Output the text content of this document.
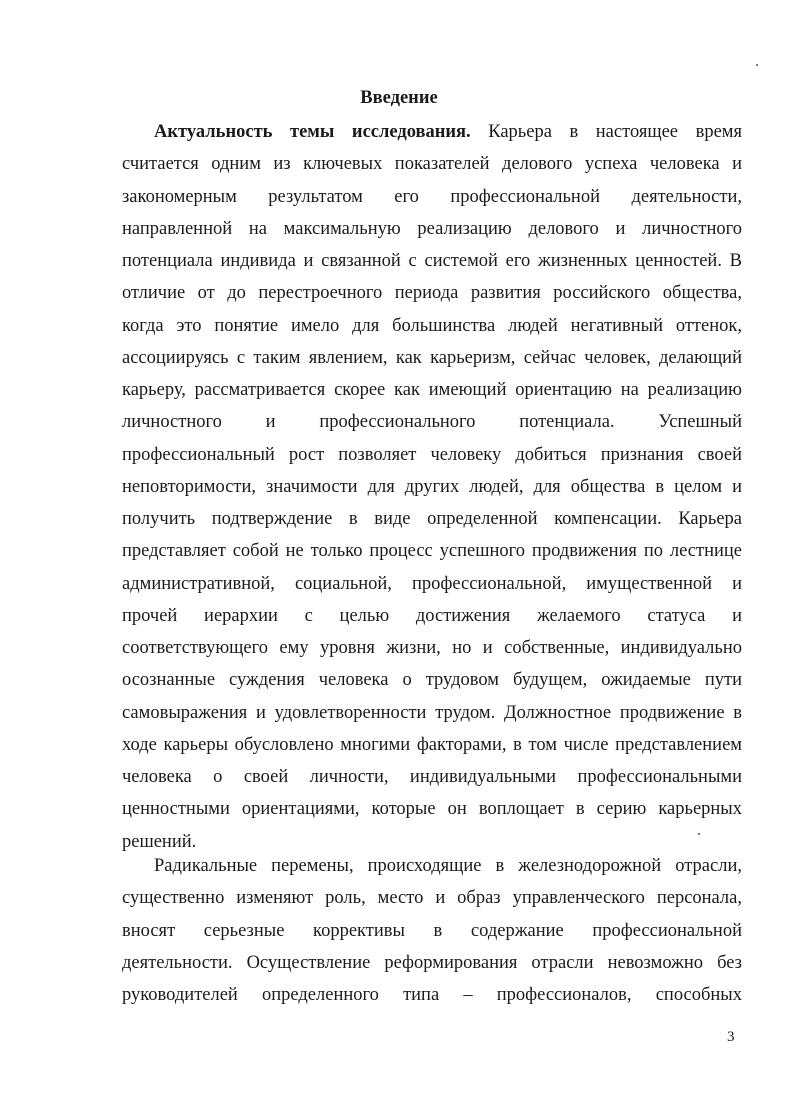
Введение
Актуальность темы исследования. Карьера в настоящее время
считается одним из ключевых показателей делового успеха человека и
закономерным результатом его профессиональной деятельности,
направленной на максимальную реализацию делового и личностного
потенциала индивида и связанной с системой его жизненных ценностей. В
отличие от до перестроечного периода развития российского общества,
когда это понятие имело для большинства людей негативный оттенок,
ассоциируясь с таким явлением, как карьеризм, сейчас человек, делающий
карьеру, рассматривается скорее как имеющий ориентацию на реализацию
личностного и профессионального потенциала. Успешный
профессиональный рост позволяет человеку добиться признания своей
неповторимости, значимости для других людей, для общества в целом и
получить подтверждение в виде определенной компенсации. Карьера
представляет собой не только процесс успешного продвижения по лестнице
административной, социальной, профессиональной, имущественной и
прочей иерархии с целью достижения желаемого статуса и
соответствующего ему уровня жизни, но и собственные, индивидуально
осознанные суждения человека о трудовом будущем, ожидаемые пути
самовыражения и удовлетворенности трудом. Должностное продвижение в
ходе карьеры обусловлено многими факторами, в том числе представлением
человека о своей личности, индивидуальными профессиональными
ценностными ориентациями, которые он воплощает в серию карьерных
решений.
Радикальные перемены, происходящие в железнодорожной отрасли,
существенно изменяют роль, место и образ управленческого персонала,
вносят серьезные коррективы в содержание профессиональной
деятельности. Осуществление реформирования отрасли невозможно без
руководителей определенного типа – профессионалов, способных
3
